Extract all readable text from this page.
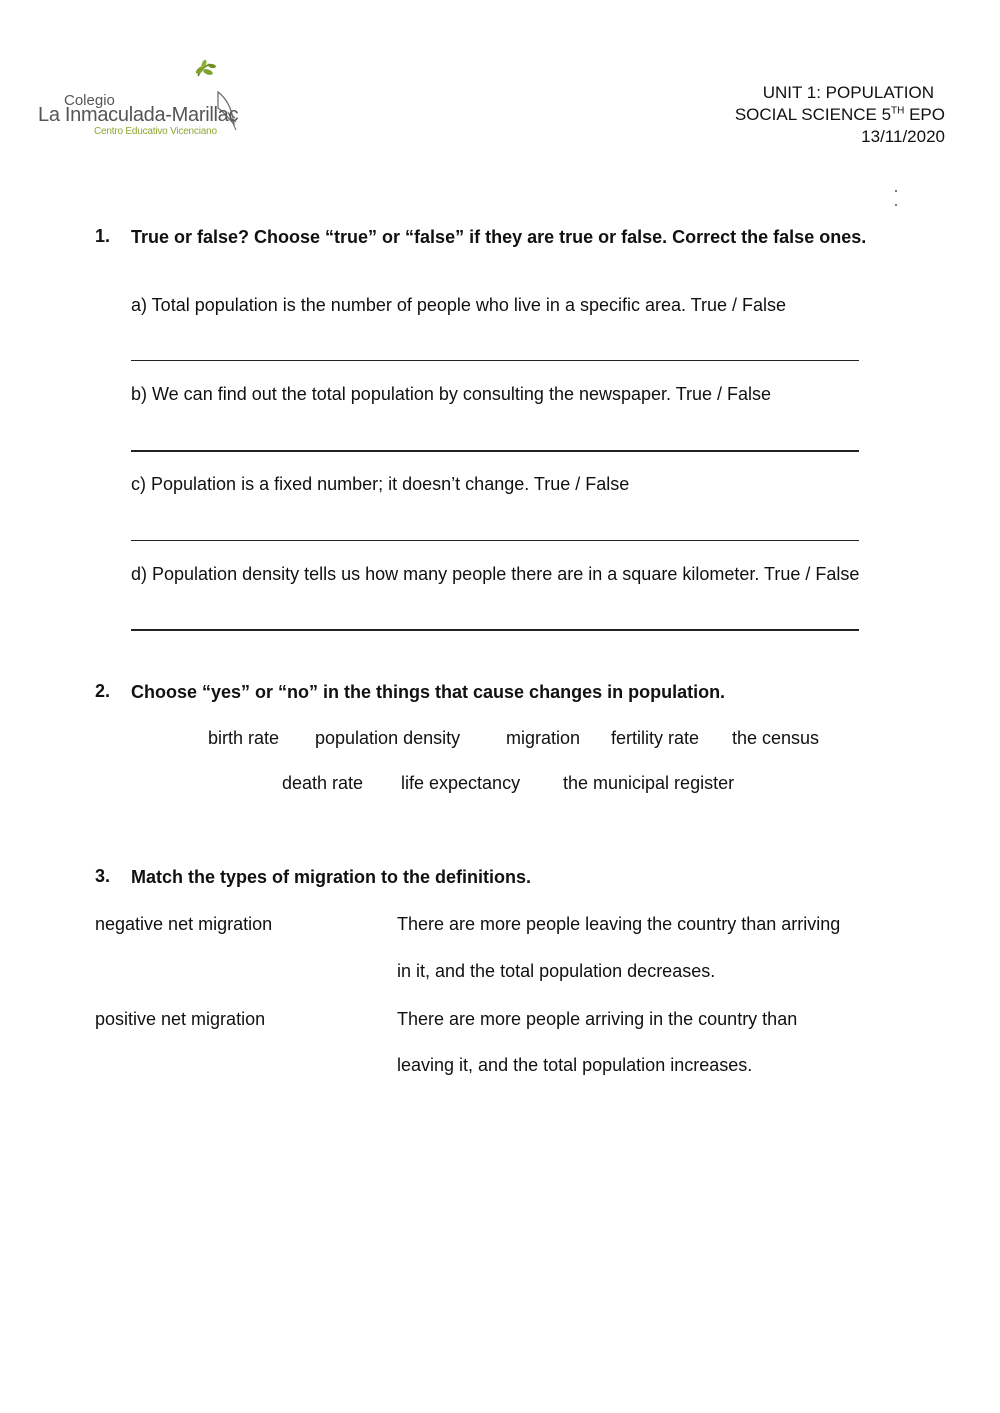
Colegio
La Inmaculada-Marillac
Centro Educativo Vicenciano
UNIT 1: POPULATION
SOCIAL SCIENCE 5TH EPO
13/11/2020
1. True or false? Choose “true” or “false” if they are true or false. Correct the false ones.
a) Total population is the number of people who live in a specific area. True / False
b) We can find out the total population by consulting the newspaper. True / False
c) Population is a fixed number; it doesn’t change. True / False
d) Population density tells us how many people there are in a square kilometer. True / False
2. Choose “yes” or “no” in the things that cause changes in population.
birth rate population density	migration fertility rate the census
death rate life expectancy the municipal register
3. Match the types of migration to the definitions.
negative net migration	There are more people leaving the country than arriving
in it, and the total population decreases.
positive net migration	There are more people arriving in the country than
leaving it, and the total population increases.
